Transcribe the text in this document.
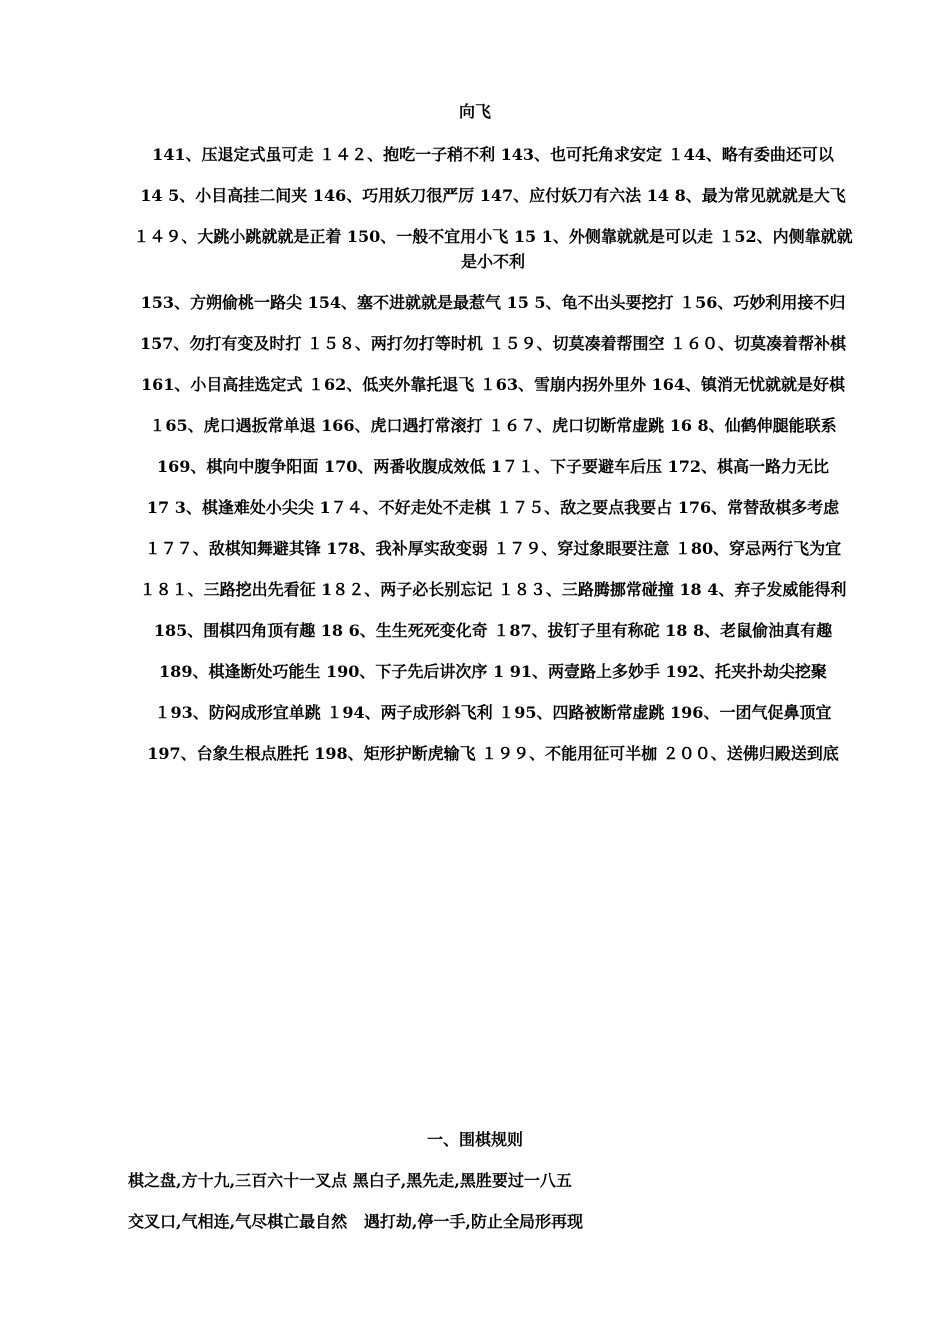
向飞

141、压退定式虽可走 １４２、抱吃一子稍不利 143、也可托角求安定 １44、略有委曲还可以

14 5、小目高挂二间夹 146、巧用妖刀很严厉 147、应付妖刀有六法 14 8、最为常见就就是大飞

１４９、大跳小跳就就是正着 150、一般不宜用小飞 15 1、外侧靠就就是可以走 １52、内侧靠就就是小不利

153、方朔偷桃一路尖 154、塞不进就就是最惹气 15 5、龟不出头要挖打 １56、巧妙利用接不归

157、勿打有变及时打 １５８、两打勿打等时机 １５９、切莫凑着帮围空 １６０、切莫凑着帮补棋

161、小目高挂选定式 １62、低夹外靠托退飞 １63、雪崩内拐外里外 164、镇消无忧就就是好棋

１65、虎口遇扳常单退 166、虎口遇打常滚打 １６７、虎口切断常虚跳 16 8、仙鹤伸腿能联系

169、棋向中腹争阳面 170、两番收腹成效低 1７１、下子要避车后压 172、棋高一路力无比

17 3、棋逢难处小尖尖 1７４、不好走处不走棋 １７５、敌之要点我要占 176、常替敌棋多考虑

１７７、敌棋知舞避其锋 178、我补厚实敌变弱 １７９、穿过象眼要注意 １80、穿忌两行飞为宜

１８１、三路挖出先看征 1８２、两子必长别忘记 １８３、三路腾挪常碰撞 18 4、弃子发威能得利

185、围棋四角顶有趣 18 6、生生死死变化奇 １87、拔钉子里有称砣 18 8、老鼠偷油真有趣

189、棋逢断处巧能生 190、下子先后讲次序 1 91、两壹路上多妙手 192、托夹扑劫尖挖聚

１93、防闷成形宜单跳 １94、两子成形斜飞利 １95、四路被断常虚跳 196、一团气促鼻顶宜

197、台象生根点胜托 198、矩形护断虎输飞 １９９、不能用征可半枷 ２００、送佛归殿送到底

一、围棋规则
棋之盘,方十九,三百六十一叉点 黑白子,黑先走,黑胜要过一八五
交叉口,气相连,气尽棋亡最自然   遇打劫,停一手,防止全局形再现
